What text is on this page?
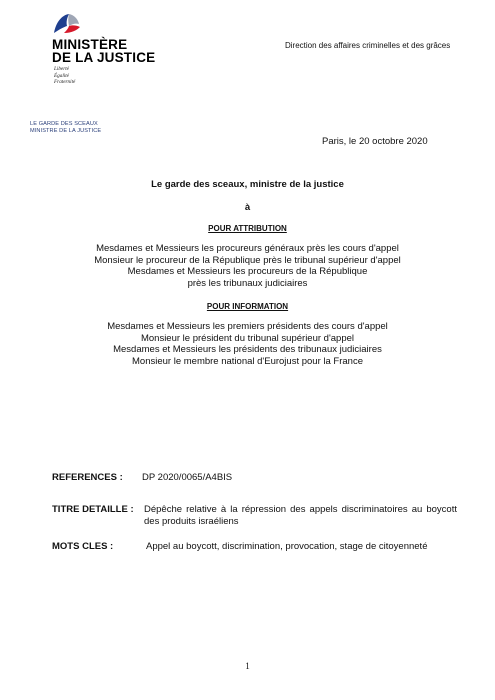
MINISTÈRE
DE LA JUSTICE
Liberté
Égalité
Fraternité
Direction des affaires criminelles et des grâces
LE GARDE DES SCEAUX
MINISTRE DE LA JUSTICE
Paris, le 20 octobre 2020
Le garde des sceaux, ministre de la justice
à
POUR ATTRIBUTION
Mesdames et Messieurs les procureurs généraux près les cours d'appel
Monsieur le procureur de la République près le tribunal supérieur d'appel
Mesdames et Messieurs les procureurs de la République
près les tribunaux judiciaires
POUR INFORMATION
Mesdames et Messieurs les premiers présidents des cours d'appel
Monsieur le président du tribunal supérieur d'appel
Mesdames et Messieurs les présidents des tribunaux judiciaires
Monsieur le membre national d'Eurojust pour la France
REFERENCES : DP 2020/0065/A4BIS
TITRE DETAILLE : Dépêche relative à la répression des appels discriminatoires au boycott des produits israéliens
MOTS CLES :	Appel au boycott, discrimination, provocation, stage de citoyenneté
1
